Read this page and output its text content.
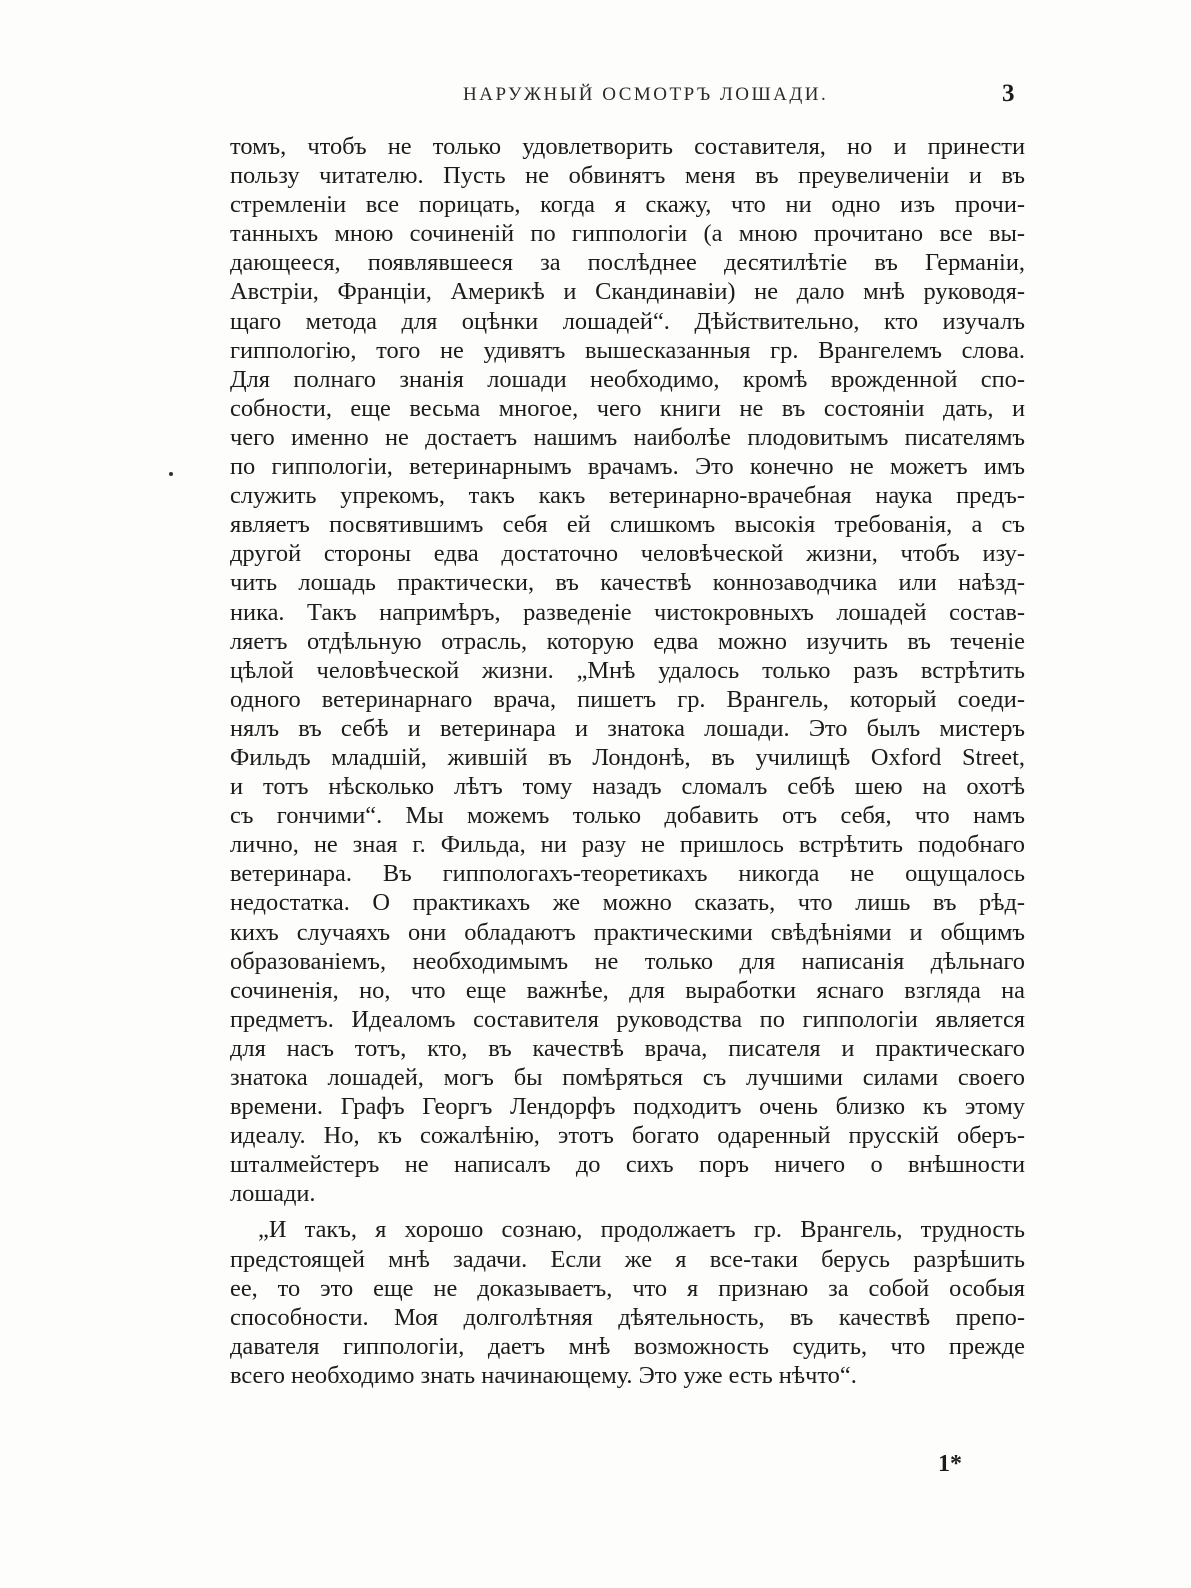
НАРУЖНЫЙ ОСМОТРЪ ЛОШАДИ.	3

томъ, чтобъ не только удовлетворить составителя, но и принести
пользу читателю. Пусть не обвинятъ меня въ преувеличенiи и въ
стремленiи все порицать, когда я скажу, что ни одно изъ прочи-
танныхъ мною сочиненiй по гиппологiи (а мною прочитано все вы-
дающееся, появлявшееся за послѣднее десятилѣтiе въ Германiи,
Австрiи, Францiи, Америкѣ и Скандинавiи) не дало мнѣ руководя-
щаго метода для оцѣнки лошадей“. Дѣйствительно, кто изучалъ
гиппологiю, того не удивятъ вышесказанныя гр. Врангелемъ слова.
Для полнаго знанiя лошади необходимо, кромѣ врожденной спо-
собности, еще весьма многое, чего книги не въ состоянiи дать, и
чего именно не достаетъ нашимъ наиболѣе плодовитымъ писателямъ
по гиппологiи, ветеринарнымъ врачамъ. Это конечно не можетъ имъ
служить упрекомъ, такъ какъ ветеринарно-врачебная наука предъ-
являетъ посвятившимъ себя ей слишкомъ высокiя требованiя, а съ
другой стороны едва достаточно человѣческой жизни, чтобъ изу-
чить лошадь практически, въ качествѣ коннозаводчика или наѣзд-
ника. Такъ напримѣръ, разведенiе чистокровныхъ лошадей состав-
ляетъ отдѣльную отрасль, которую едва можно изучить въ теченiе
цѣлой человѣческой жизни. „Мнѣ удалось только разъ встрѣтить
одного ветеринарнаго врача, пишетъ гр. Врангель, который соеди-
нялъ въ себѣ и ветеринара и знатока лошади. Это былъ мистеръ
Фильдъ младшiй, жившiй въ Лондонѣ, въ училищѣ Oxford Street,
и тотъ нѣсколько лѣтъ тому назадъ сломалъ себѣ шею на охотѣ
съ гончими“. Мы можемъ только добавить отъ себя, что намъ
лично, не зная г. Фильда, ни разу не пришлось встрѣтить подобнаго
ветеринара. Въ гиппологахъ-теоретикахъ никогда не ощущалось
недостатка. О практикахъ же можно сказать, что лишь въ рѣд-
кихъ случаяхъ они обладаютъ практическими свѣдѣнiями и общимъ
образованiемъ, необходимымъ не только для написанiя дѣльнаго
сочиненiя, но, что еще важнѣе, для выработки яснаго взгляда на
предметъ. Идеаломъ составителя руководства по гиппологiи является
для насъ тотъ, кто, въ качествѣ врача, писателя и практическаго
знатока лошадей, могъ бы помѣряться съ лучшими силами своего
времени. Графъ Георгъ Лендорфъ подходитъ очень близко къ этому
идеалу. Но, къ сожалѣнiю, этотъ богато одаренный прусскiй оберъ-
шталмейстеръ не написалъ до сихъ поръ ничего о внѣшности
лошади.

„И такъ, я хорошо сознаю, продолжаетъ гр. Врангель, трудность
предстоящей мнѣ задачи. Если же я все-таки берусь разрѣшить
ее, то это еще не доказываетъ, что я признаю за собой особыя
способности. Моя долголѣтняя дѣятельность, въ качествѣ препо-
давателя гиппологiи, даетъ мнѣ возможность судить, что прежде
всего необходимо знать начинающему. Это уже есть нѣчто“.

1*
